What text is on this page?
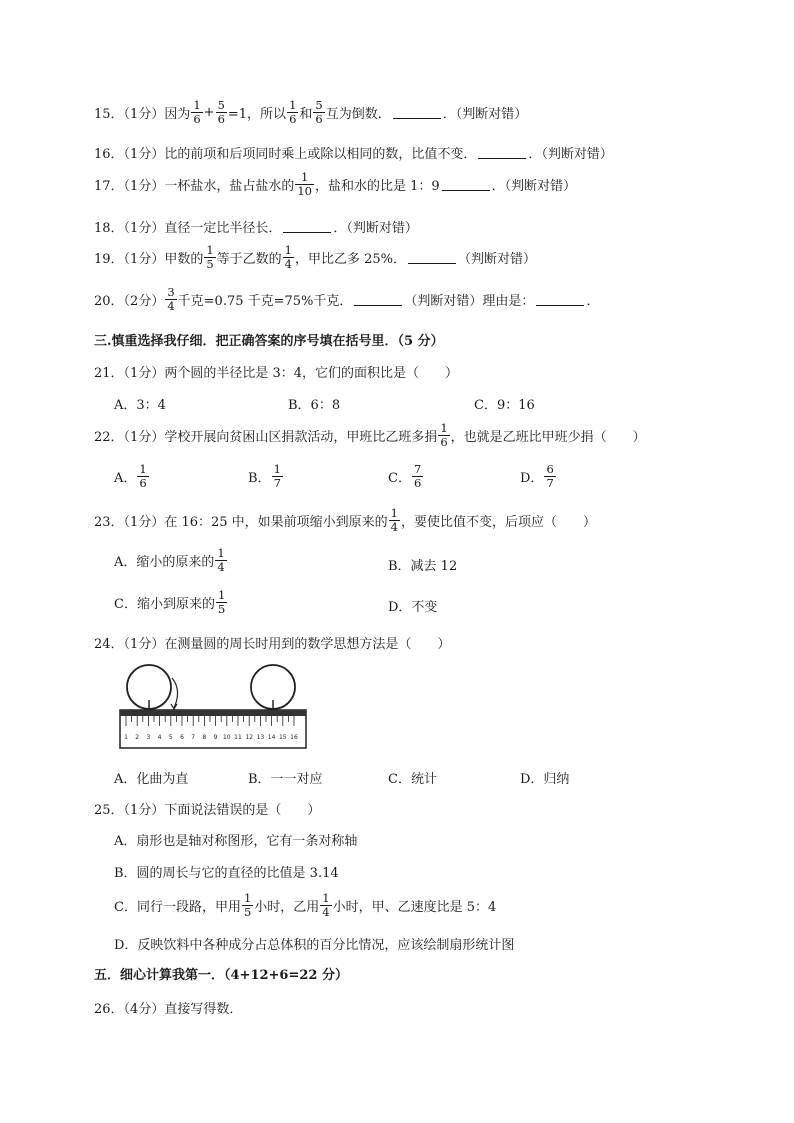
15．（1分）因为 $\frac{1}{6} + \frac{5}{6} =1$，所以 $\frac{1}{6}$ 和 $\frac{5}{6}$ 互为倒数．	．（判断对错）
16．（1分）比的前项和后项同时乘上或除以相同的数，比值不变．	．（判断对错）
17．（1分）一杯盐水，盐占盐水的 $\frac{1}{10}$ ，盐和水的比是 1：9	．（判断对错）
18．（1分）直径一定比半径长．	．（判断对错）
19．（1分）甲数的 $\frac{1}{5}$ 等于乙数的 $\frac{1}{4}$ ，甲比乙多 25%．	（判断对错）
20．（2分） $\frac{3}{4}$ 千克=0.75 千克=75%千克．	（判断对错）理由是：	．
三.慎重选择我仔细．把正确答案的序号填在括号里．（5 分）
21．（1分）两个圆的半径比是 3：4，它们的面积比是（　　）
A．3：4	B．6：8	C．9：16
22．（1分）学校开展向贫困山区捐款活动，甲班比乙班多捐 $\frac{1}{6}$ ，也就是乙班比甲班少捐（　　）
A． $\frac{1}{6}$	B． $\frac{1}{7}$	C． $\frac{7}{6}$	D． $\frac{6}{7}$
23．（1分）在 16：25 中，如果前项缩小到原来的 $\frac{1}{4}$ ，要使比值不变，后项应（　　）
A．缩小的原来的 $\frac{1}{4}$	B．减去 12
C．缩小到原来的 $\frac{1}{5}$	D．不变
24．（1分）在测量圆的周长时用到的数学思想方法是（　　）
1 2 3 4 5 6 7 8 9 10 11 12 13 14 15 16
A．化曲为直	B．一一对应	C．统计	D．归纳
25．（1分）下面说法错误的是（　　）
A．扇形也是轴对称图形，它有一条对称轴
B．圆的周长与它的直径的比值是 3.14
C．同行一段路，甲用 $\frac{1}{5}$ 小时，乙用 $\frac{1}{4}$ 小时，甲、乙速度比是 5：4
D．反映饮料中各种成分占总体积的百分比情况，应该绘制扇形统计图
五．细心计算我第一．（4+12+6=22 分）
26．（4分）直接写得数．
